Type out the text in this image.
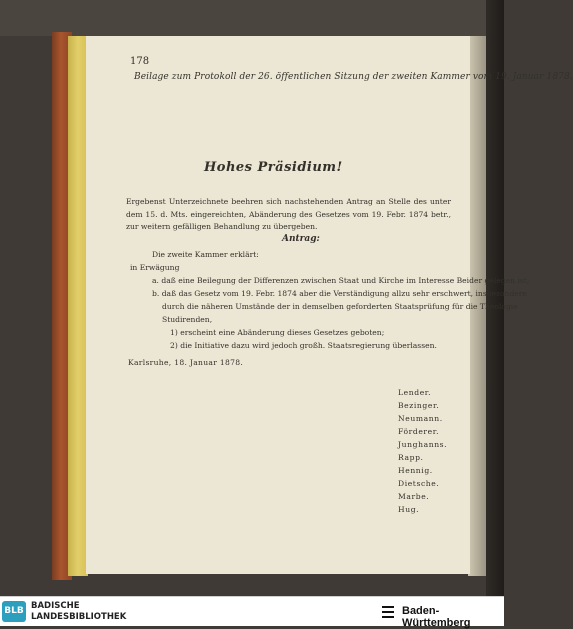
178
Beilage zum Protokoll der 26. öffentlichen Sitzung der zweiten Kammer vom 19. Januar 1878.
Hohes Präsidium!
Ergebenst Unterzeichnete beehren sich nachstehenden Antrag an Stelle des unter dem 15. d. Mts. eingereichten, Abänderung des Gesetzes vom 19. Febr. 1874 betr., zur weitern gefälligen Behandlung zu übergeben.
Antrag:
Die zweite Kammer erklärt:
in Erwägung
a. daß eine Beilegung der Differenzen zwischen Staat und Kirche im Interesse Beider gelegen ist;
b. daß das Gesetz vom 19. Febr. 1874 aber die Verständigung allzu sehr erschwert, insbesondere
durch die näheren Umstände der in demselben geforderten Staatsprüfung für die Theologie
Studirenden,
1) erscheint eine Abänderung dieses Gesetzes geboten;
2) die Initiative dazu wird jedoch großh. Staatsregierung überlassen.
Karlsruhe, 18. Januar 1878.
Lender.
Bezinger.
Neumann.
Förderer.
Junghanns.
Rapp.
Hennig.
Dietsche.
Marbe.
Hug.
BLB BADISCHE
LANDESBIBLIOTHEK	Baden-Württemberg
